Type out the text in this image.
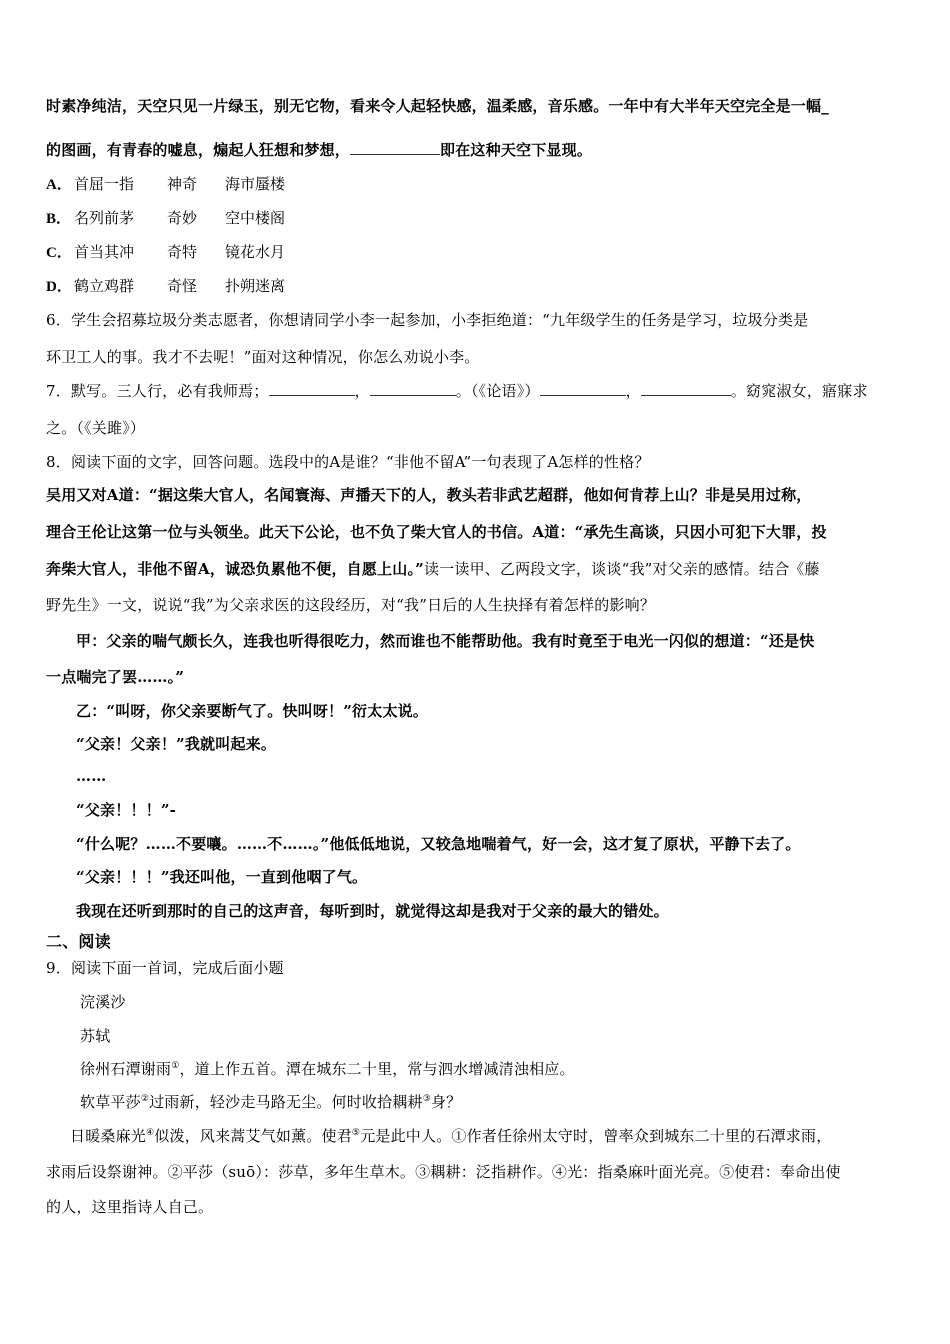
时素净纯洁，天空只见一片绿玉，别无它物，看来令人起轻快感，温柔感，音乐感。一年中有大半年天空完全是一幅_
的图画，有青春的嘘息，煽起人狂想和梦想，	即在这种天空下显现。
A． 首屈一指 神奇 海市蜃楼
B． 名列前茅 奇妙 空中楼阁
C． 首当其冲 奇特 镜花水月
D． 鹤立鸡群 奇怪 扑朔迷离
6．学生会招募垃圾分类志愿者，你想请同学小李一起参加，小李拒绝道：“九年级学生的任务是学习，垃圾分类是
环卫工人的事。我才不去呢！”面对这种情况，你怎么劝说小李。
7．默写。三人行，必有我师焉；	，	。（《论语》）	，	。窈窕淑女，寤寐求
之。（《关雎》）
8．阅读下面的文字，回答问题。选段中的A是谁？“非他不留A”一句表现了A怎样的性格？
吴用又对A道：“据这柴大官人，名闻寰海、声播天下的人，教头若非武艺超群，他如何肯荐上山？非是吴用过称，
理合王伦让这第一位与头领坐。此天下公论，也不负了柴大官人的书信。A道：“承先生高谈，只因小可犯下大罪，投
奔柴大官人，非他不留A，诚恐负累他不便，自愿上山。”读一读甲、乙两段文字，谈谈“我”对父亲的感情。结合《藤
野先生》一文，说说“我”为父亲求医的这段经历，对“我”日后的人生抉择有着怎样的影响？
甲：父亲的喘气颇长久，连我也听得很吃力，然而谁也不能帮助他。我有时竟至于电光一闪似的想道：“还是快
一点喘完了罢……。”
乙：“叫呀，你父亲要断气了。快叫呀！”衍太太说。
“父亲！父亲！”我就叫起来。
……
“父亲！！！”-
“什么呢？……不要嚷。……不……。”他低低地说，又较急地喘着气，好一会，这才复了原状，平静下去了。
“父亲！！！”我还叫他，一直到他咽了气。
我现在还听到那时的自己的这声音，每听到时，就觉得这却是我对于父亲的最大的错处。
二、阅读
9．阅读下面一首词，完成后面小题
浣溪沙
苏轼
徐州石潭谢雨①，道上作五首。潭在城东二十里，常与泗水增减清浊相应。
软草平莎②过雨新，轻沙走马路无尘。何时收拾耦耕③身？
日暖桑麻光④似泼，风来蒿艾气如薰。使君⑤元是此中人。①作者任徐州太守时，曾率众到城东二十里的石潭求雨，
求雨后设祭谢神。②平莎（suō）：莎草，多年生草木。③耦耕：泛指耕作。④光：指桑麻叶面光亮。⑤使君：奉命出使
的人，这里指诗人自己。
